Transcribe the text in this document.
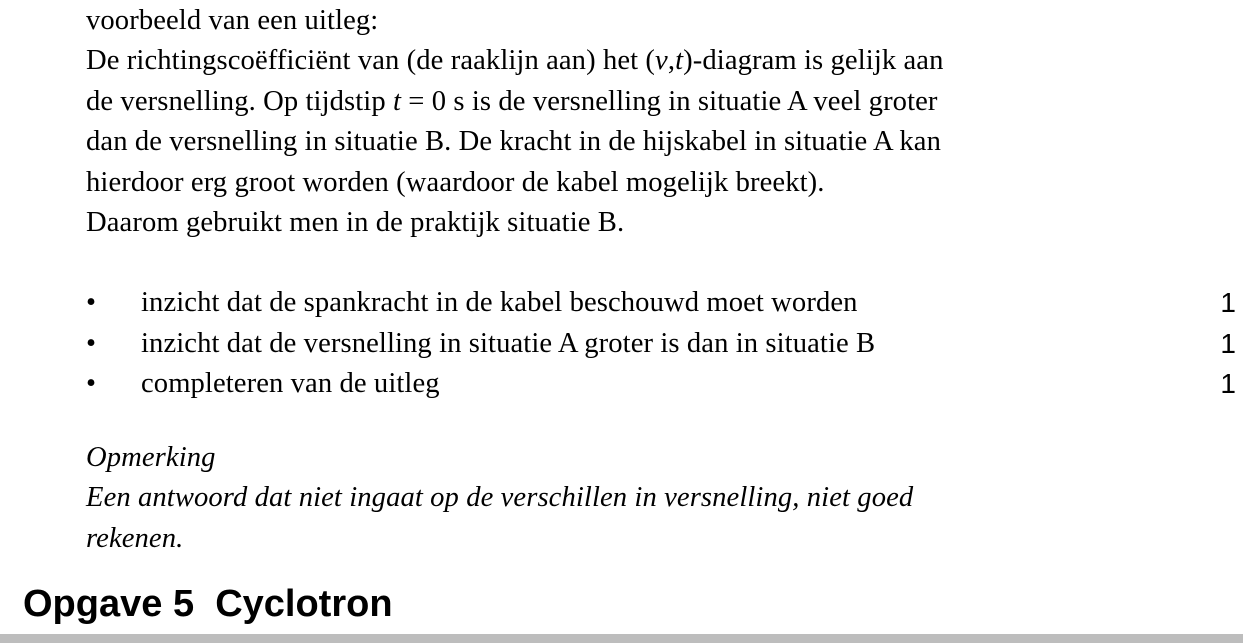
voorbeeld van een uitleg:

De richtingscoëfficiënt van (de raaklijn aan) het (v,t)-diagram is gelijk aan

de versnelling. Op tijdstip t = 0 s is de versnelling in situatie A veel groter

dan de versnelling in situatie B. De kracht in de hijskabel in situatie A kan

hierdoor erg groot worden (waardoor de kabel mogelijk breekt).

Daarom gebruikt men in de praktijk situatie B.

• inzicht dat de spankracht in de kabel beschouwd moet worden	1
• inzicht dat de versnelling in situatie A groter is dan in situatie B	1
• completeren van de uitleg	1

Opmerking

Een antwoord dat niet ingaat op de verschillen in versnelling, niet goed

rekenen.

Opgave 5  Cyclotron
